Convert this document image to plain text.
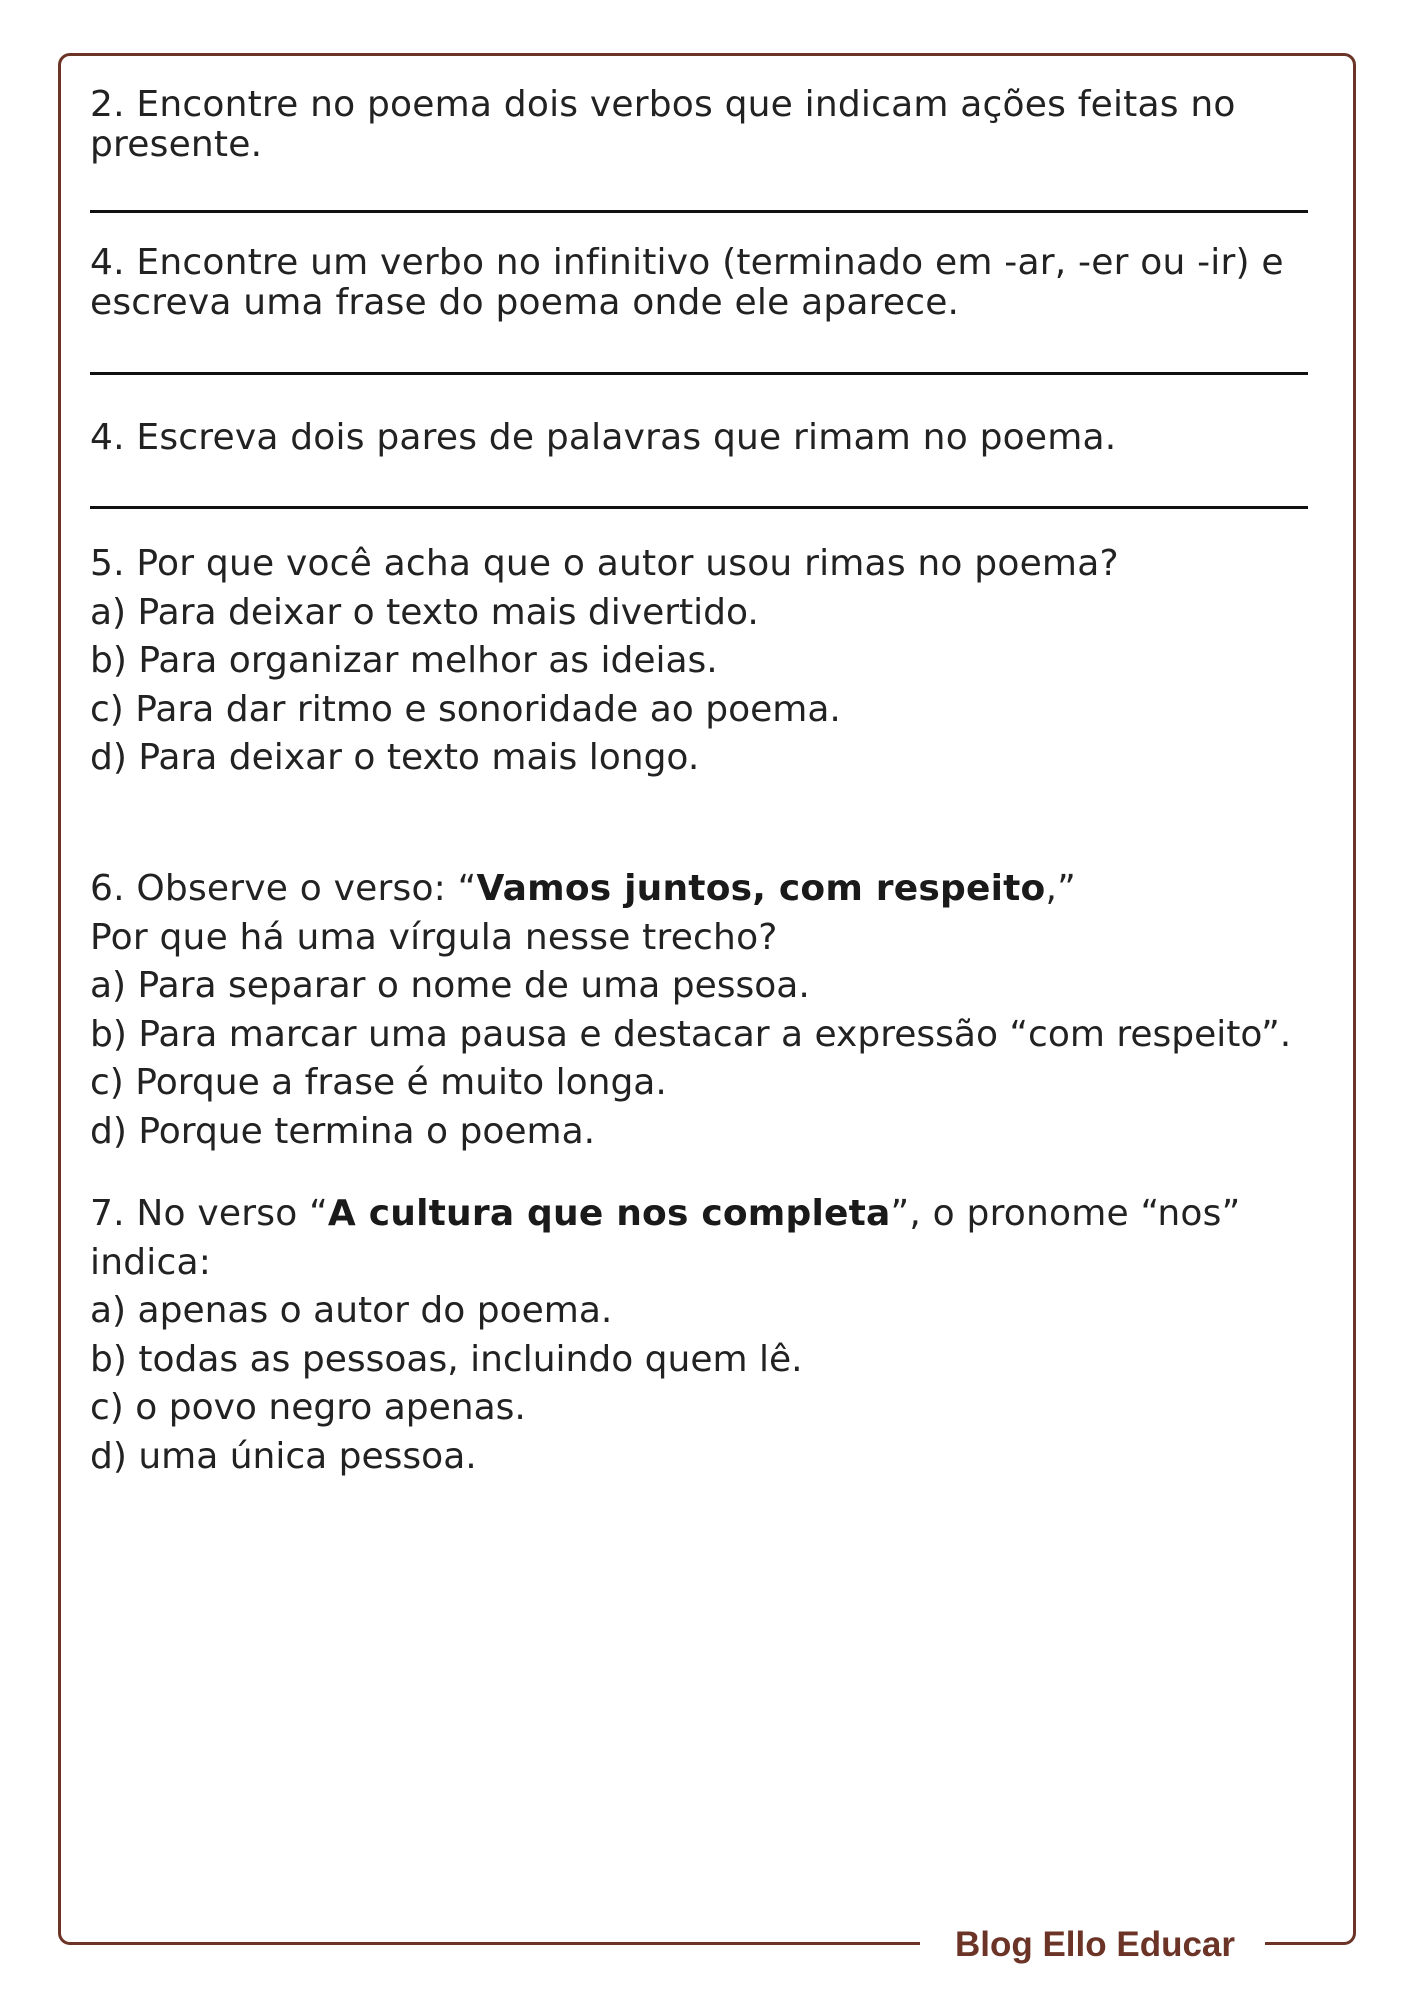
2. Encontre no poema dois verbos que indicam ações feitas no
presente.
4. Encontre um verbo no infinitivo (terminado em -ar, -er ou -ir) e
escreva uma frase do poema onde ele aparece.
4. Escreva dois pares de palavras que rimam no poema.
5. Por que você acha que o autor usou rimas no poema?
a) Para deixar o texto mais divertido.
b) Para organizar melhor as ideias.
c) Para dar ritmo e sonoridade ao poema.
d) Para deixar o texto mais longo.
6. Observe o verso: “Vamos juntos, com respeito,”
Por que há uma vírgula nesse trecho?
a) Para separar o nome de uma pessoa.
b) Para marcar uma pausa e destacar a expressão “com respeito”.
c) Porque a frase é muito longa.
d) Porque termina o poema.
7. No verso “A cultura que nos completa”, o pronome “nos” indica:
a) apenas o autor do poema.
b) todas as pessoas, incluindo quem lê.
c) o povo negro apenas.
d) uma única pessoa.
Blog Ello Educar
